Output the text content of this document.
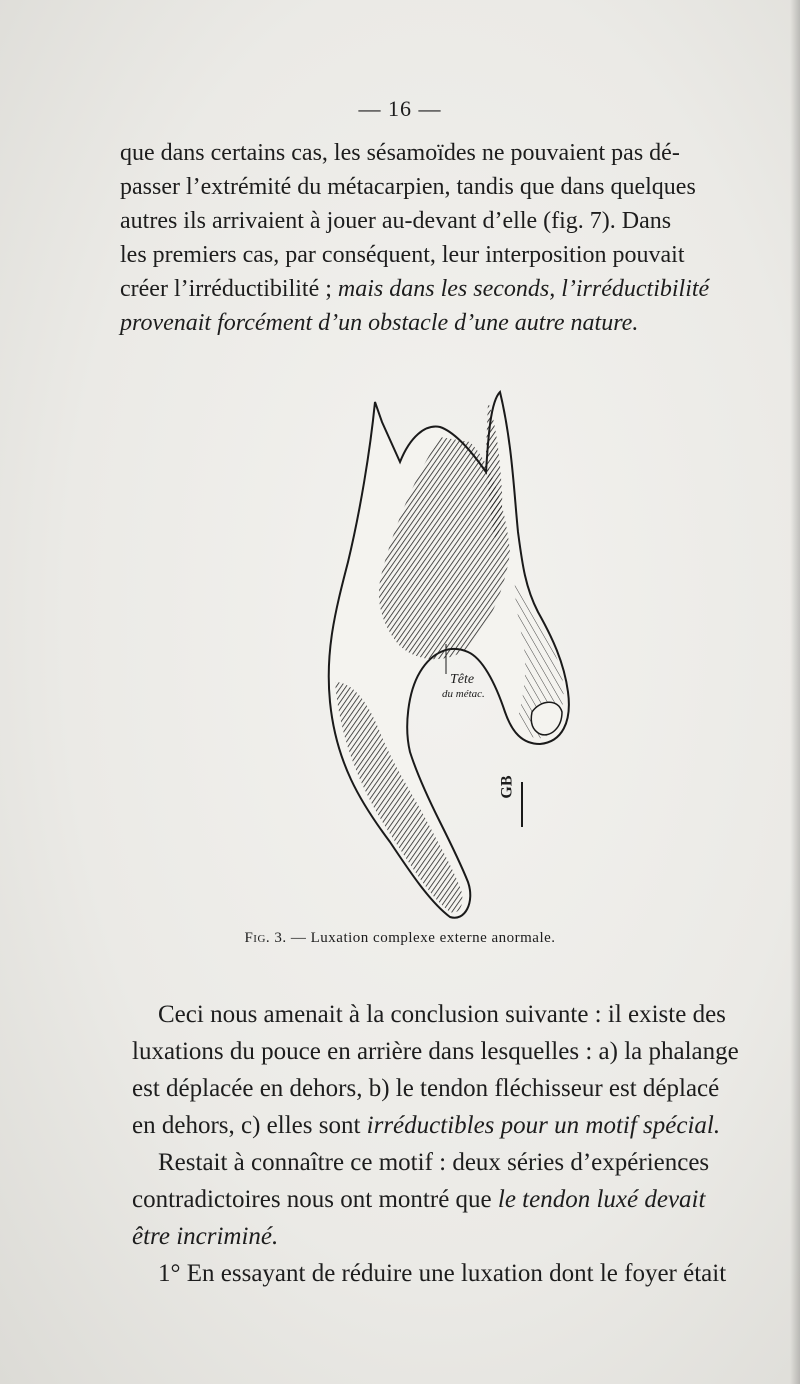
— 16 —

que dans certains cas, les sésamoïdes ne pouvaient pas dé-

passer l’extrémité du métacarpien, tandis que dans quelques

autres ils arrivaient à jouer au-devant d’elle (fig. 7). Dans

les premiers cas, par conséquent, leur interposition pouvait

créer l’irréductibilité ; mais dans les seconds, l’irréductibilité

provenait forcément d’un obstacle d’une autre nature.

Tête
du métac.
GB
Fig. 3. — Luxation complexe externe anormale.

Ceci nous amenait à la conclusion suivante : il existe des

luxations du pouce en arrière dans lesquelles : a) la phalange

est déplacée en dehors, b) le tendon fléchisseur est déplacé

en dehors, c) elles sont irréductibles pour un motif spécial.

Restait à connaître ce motif : deux séries d’expériences

contradictoires nous ont montré que le tendon luxé devait

être incriminé.

1° En essayant de réduire une luxation dont le foyer était
